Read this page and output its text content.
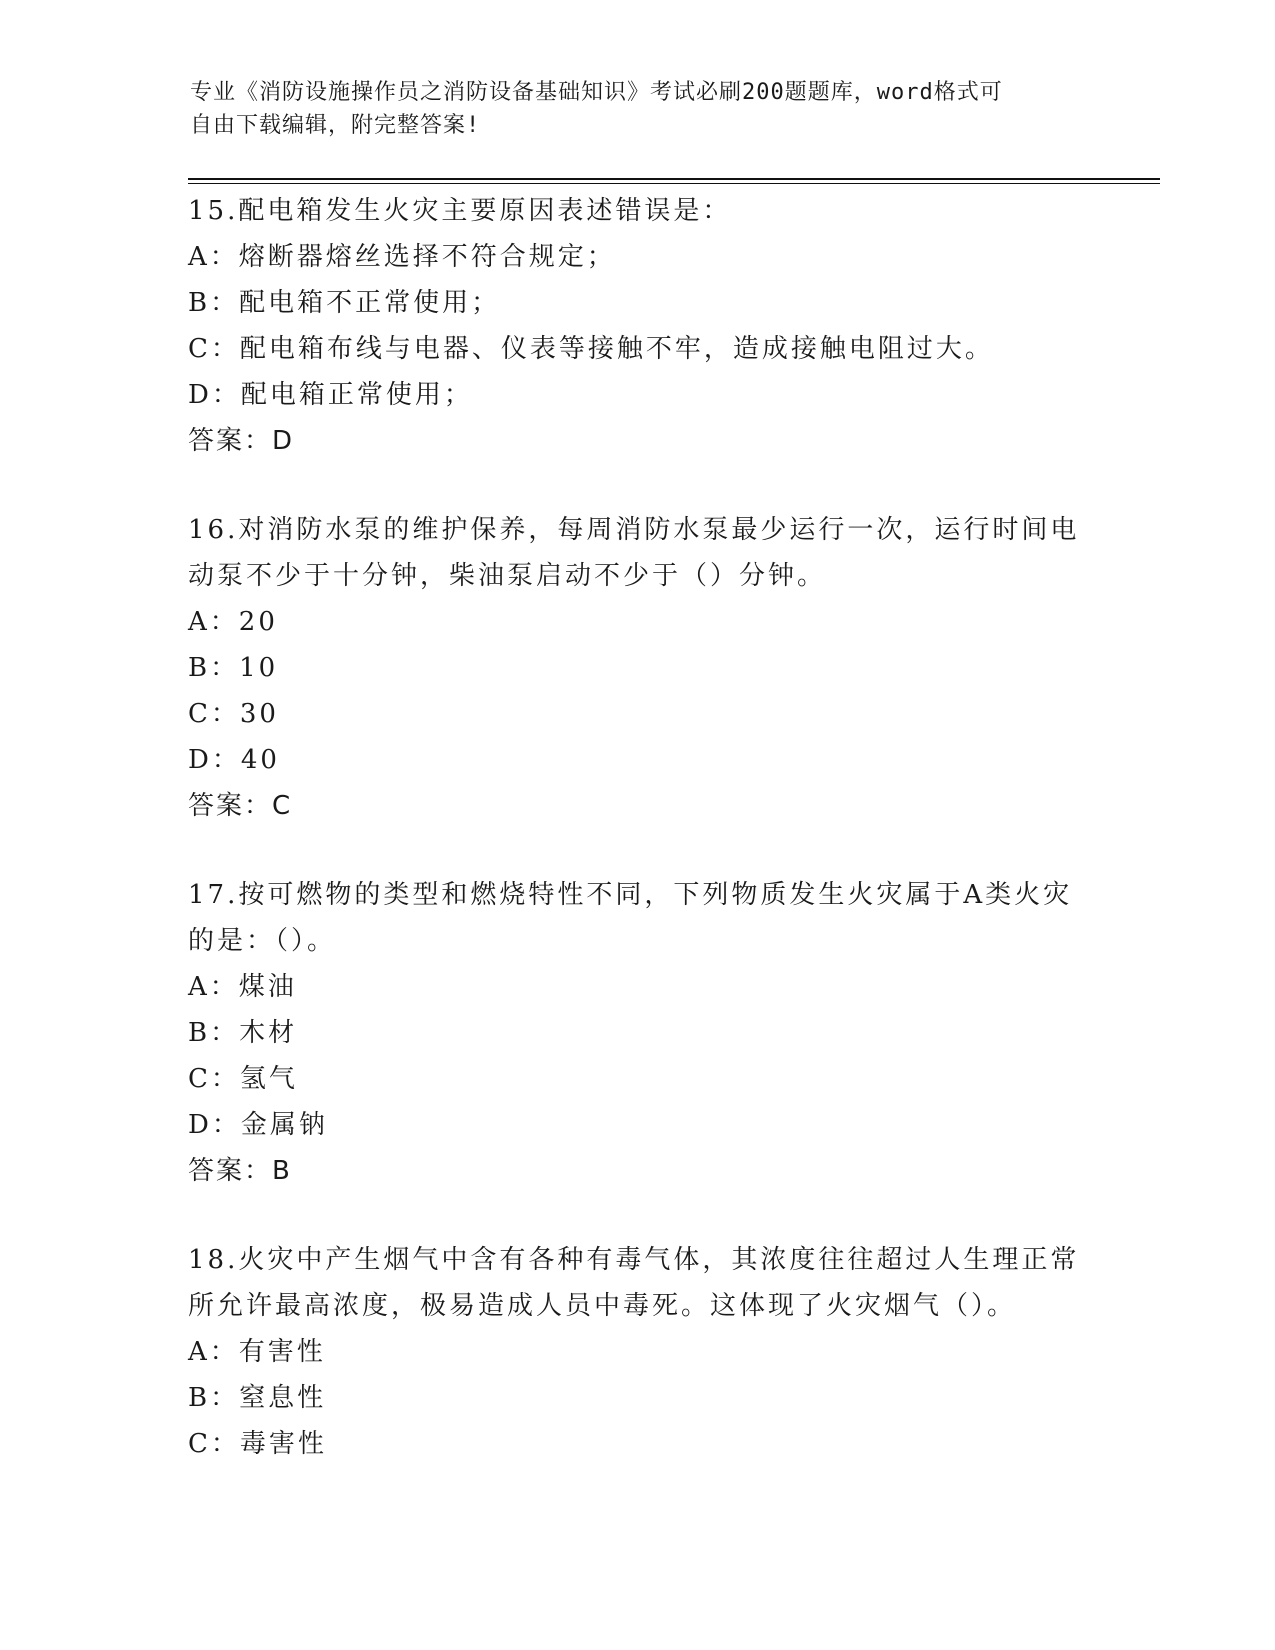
专业《消防设施操作员之消防设备基础知识》考试必刷200题题库，word格式可
自由下载编辑，附完整答案!
15.配电箱发生火灾主要原因表述错误是：
A：熔断器熔丝选择不符合规定；
B：配电箱不正常使用；
C：配电箱布线与电器、仪表等接触不牢，造成接触电阻过大。
D：配电箱正常使用；
答案：D
16.对消防水泵的维护保养，每周消防水泵最少运行一次，运行时间电
动泵不少于十分钟，柴油泵启动不少于（）分钟。
A：20
B：10
C：30
D：40
答案：C
17.按可燃物的类型和燃烧特性不同，下列物质发生火灾属于A类火灾
的是：（）。
A：煤油
B：木材
C：氢气
D：金属钠
答案：B
18.火灾中产生烟气中含有各种有毒气体，其浓度往往超过人生理正常
所允许最高浓度，极易造成人员中毒死。这体现了火灾烟气（）。
A：有害性
B：窒息性
C：毒害性
